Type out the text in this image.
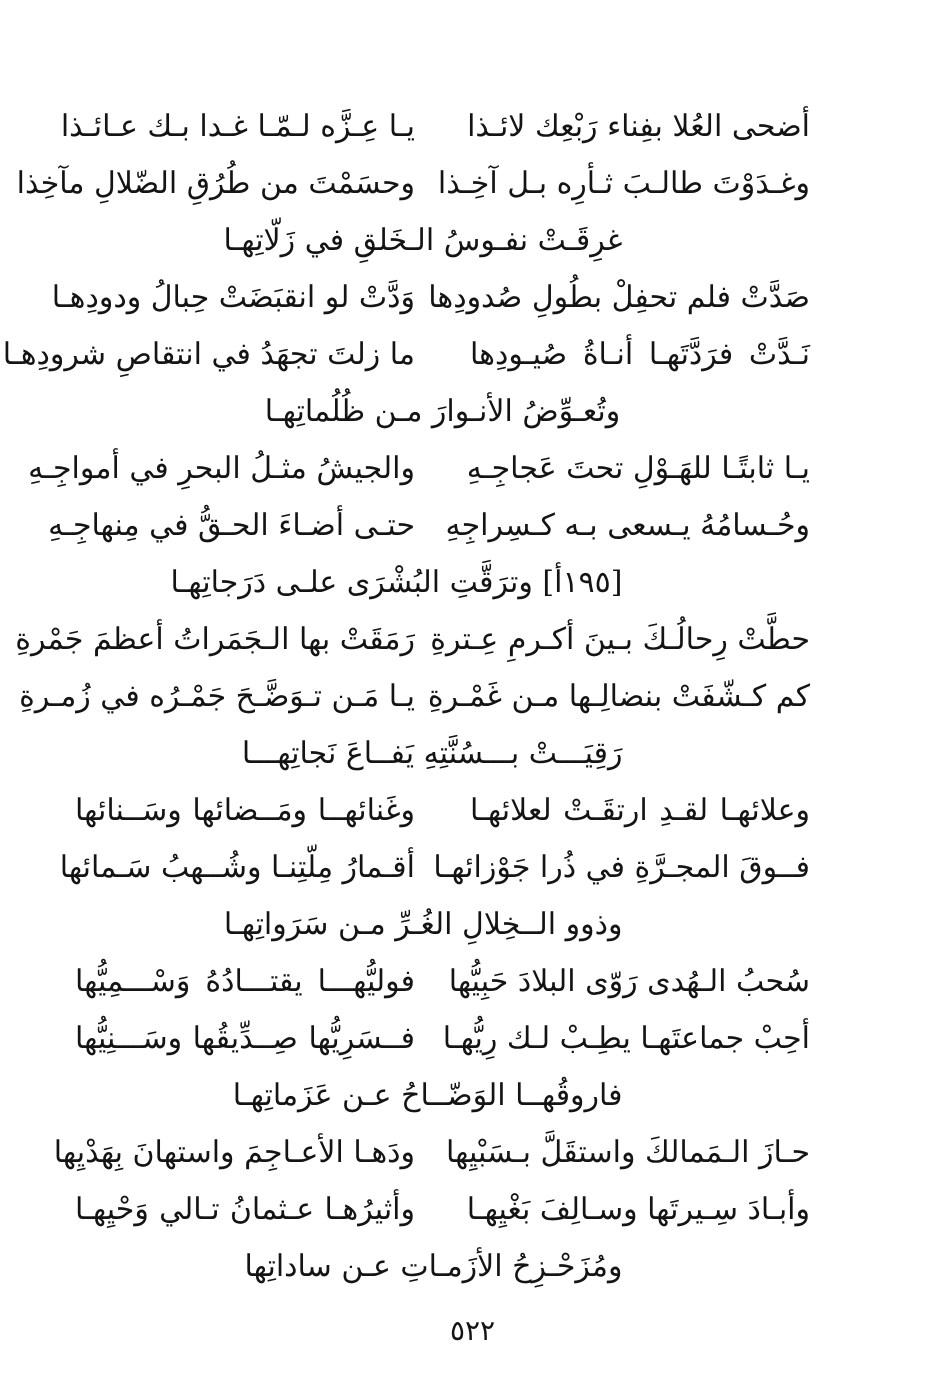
أضحى العُلا بفِناء رَبْعِك لائـذا
يـا عِـزَّه لـمّـا غـدا بـك عـائـذا
وغـدَوْتَ طالـبَ ثـأرِه بـل آخِـذا
وحسَمْتَ من طُرُقِ الضّلالِ مآخِذا
غرِقَـتْ نفـوسُ الـخَلقِ في زَلّاتِهـا
صَدَّتْ فلم تحفِلْ بطُولِ صُدودِها
وَدَّتْ لو انقبَضَتْ حِبالُ ودودِهـا
نَـدَّتْ فرَدَّتَهـا أنـاةُ صُيـودِها
ما زلتَ تجهَدُ في انتقاصِ شرودِهـا
وتُعـوِّضُ الأنـوارَ مـن ظُلُماتِهـا
يـا ثابتًـا للهَـوْلِ تحتَ عَجاجِـهِ
والجيشُ مثـلُ البحرِ في أمواجِـهِ
وحُـسامُهُ يـسعى بـه كـسِراجِهِ
حتـى أضـاءَ الحـقُّ في مِنهاجِـهِ
[١٩٥أ] وترَقَّتِ البُشْرَى علـى دَرَجاتِهـا
حطَّتْ رِحالُـكَ بـينَ أكـرمِ عِـترةِ
رَمَقَتْ بها الـجَمَراتُ أعظمَ جَمْرةِ
كم كـشّفَتْ بنضالِـها مـن غَمْـرةِ
يـا مَـن تـوَضَّـحَ جَمْـرُه في زُمـرةِ
رَقِيَـــتْ بـــسُنَّتِهِ يَفــاعَ نَجاتِهـــا
وعلائهـا لقـدِ ارتقَـتْ لعلائهـا
وغَنائهــا ومَــضائها وسَــنائها
فــوقَ المجـرَّةِ في ذُرا جَوْزائهـا
أقـمارُ مِلّتِنـا وشُــهبُ سَـمائها
وذوو الــخِلالِ الغُـرِّ مـن سَرَواتِهـا
سُحبُ الـهُدى رَوّى البلادَ حَبِيُّها
فوليُّهـــا يقتـــادُهُ وَسْـــمِيُّها
أحِبْ جماعتَهـا يطِـبْ لـك رِيُّهـا
فــسَرِيُّها صِــدِّيقُها وسَـــنِيُّها
فاروقُهــا الوَضّــاحُ عـن عَزَماتِهـا
حـازَ الـمَمالكَ واستقَلَّ بـسَبْيِها
ودَهـا الأعـاجِمَ واستهانَ بِهَدْيِها
وأبـادَ سِـيرتَها وسـالِفَ بَغْيِهـا
وأثيرُهـا عـثمانُ تـالي وَحْيِهـا
ومُزَحْـزِحُ الأزَمـاتِ عـن ساداتِها
٥٢٢
